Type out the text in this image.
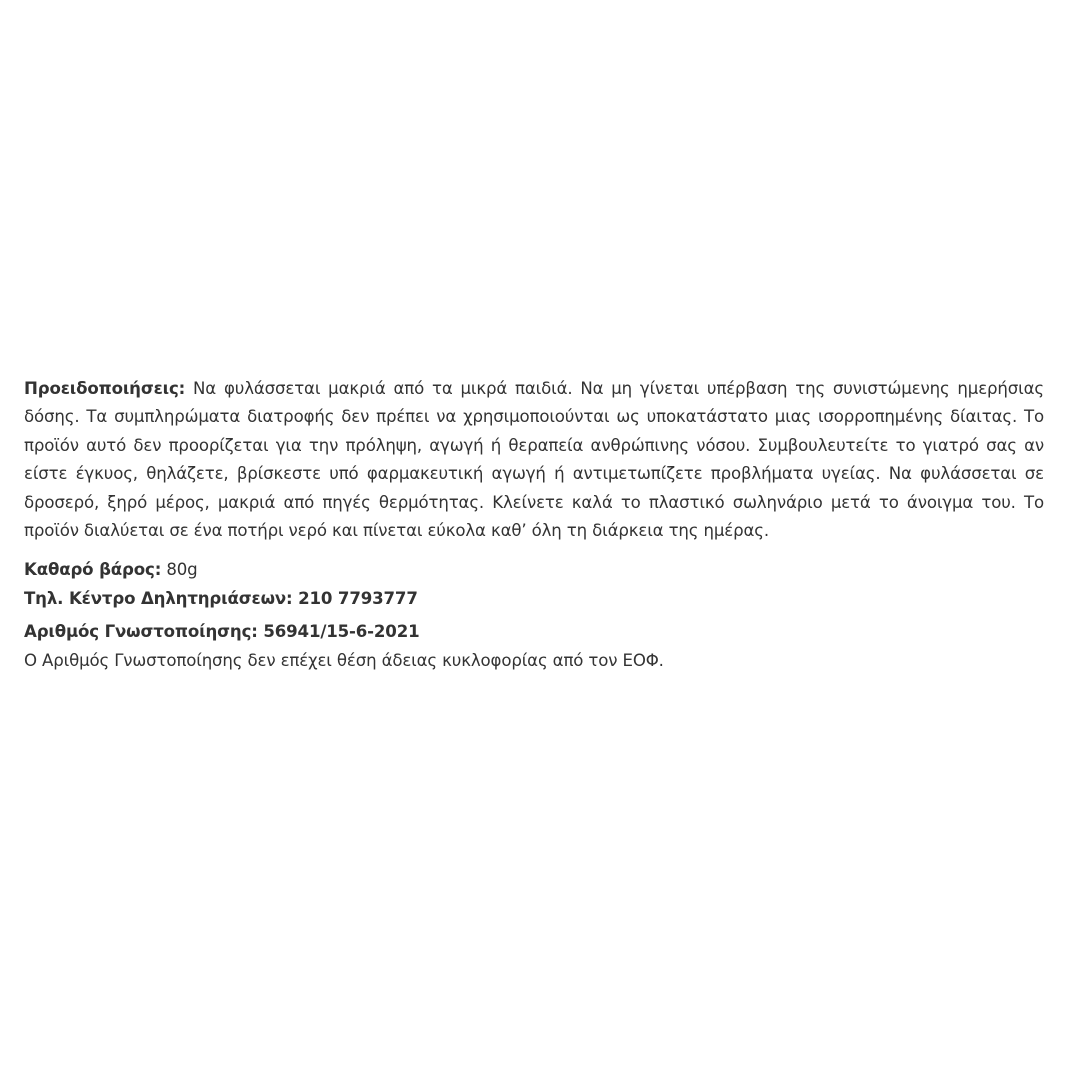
Προειδοποιήσεις: Να φυλάσσεται μακριά από τα μικρά παιδιά. Να μη γίνεται υπέρβαση της συνιστώμενης ημερήσιας δόσης. Τα συμπληρώματα διατροφής δεν πρέπει να χρησιμοποιούνται ως υποκατάστατο μιας ισορροπημένης δίαιτας. Το προϊόν αυτό δεν προορίζεται για την πρόληψη, αγωγή ή θεραπεία ανθρώπινης νόσου. Συμβουλευτείτε το γιατρό σας αν είστε έγκυος, θηλάζετε, βρίσκεστε υπό φαρμακευτική αγωγή ή αντιμετωπίζετε προβλήματα υγείας. Να φυλάσσεται σε δροσερό, ξηρό μέρος, μακριά από πηγές θερμότητας. Κλείνετε καλά το πλαστικό σωληνάριο μετά το άνοιγμα του. Το προϊόν διαλύεται σε ένα ποτήρι νερό και πίνεται εύκολα καθ’ όλη τη διάρκεια της ημέρας.

Καθαρό βάρος: 80g

Τηλ. Κέντρο Δηλητηριάσεων: 210 7793777

Αριθμός Γνωστοποίησης: 56941/15-6-2021

Ο Αριθμός Γνωστοποίησης δεν επέχει θέση άδειας κυκλοφορίας από τον ΕΟΦ.
